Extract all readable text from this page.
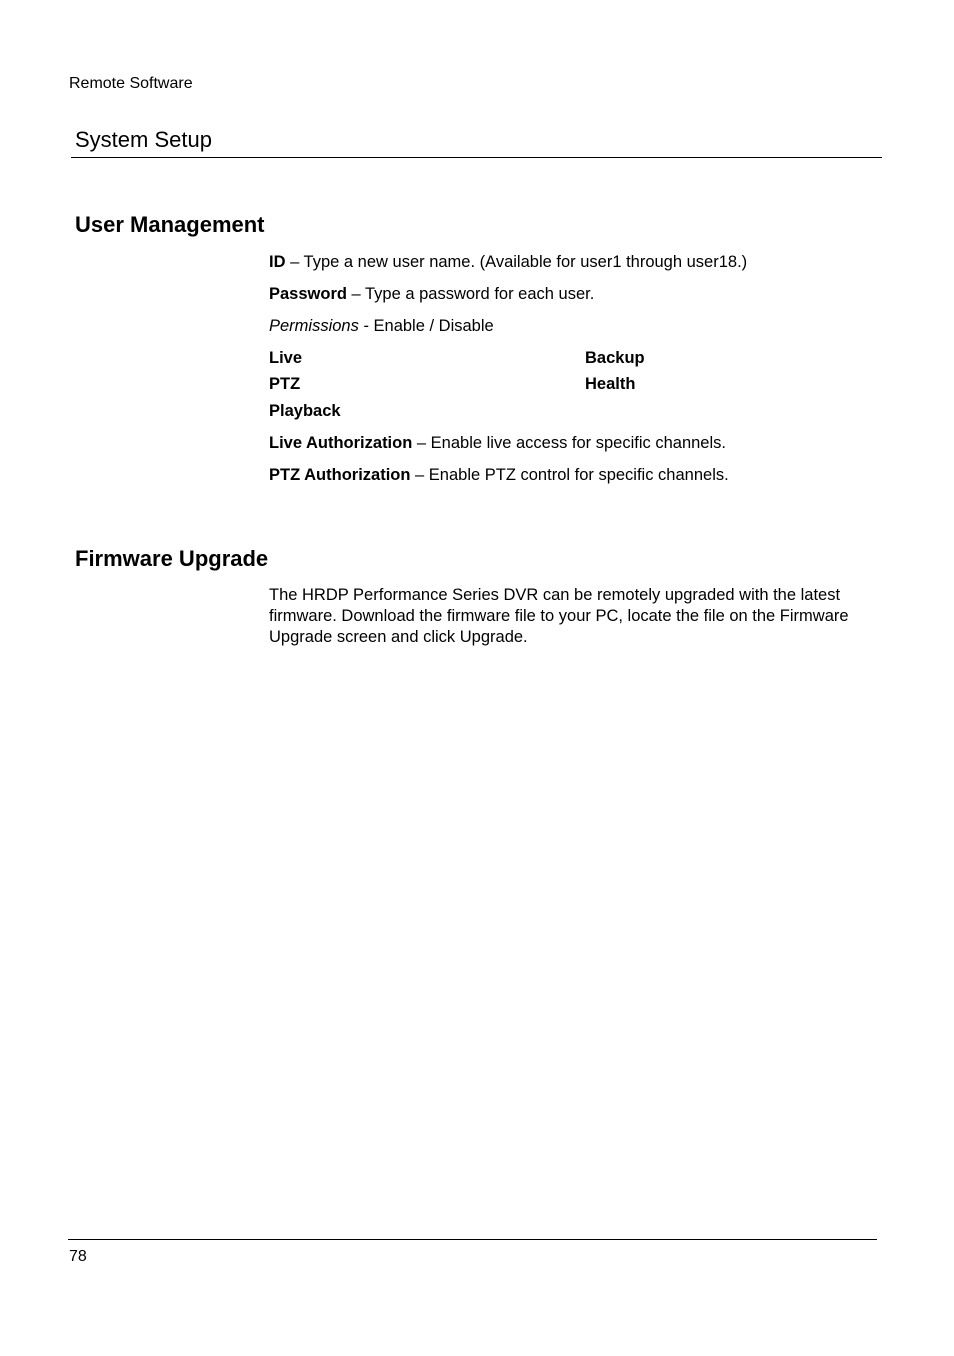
Remote Software
System Setup
User Management
ID – Type a new user name. (Available for user1 through user18.)
Password – Type a password for each user.
Permissions - Enable / Disable
Live	Backup
PTZ	Health
Playback
Live Authorization – Enable live access for specific channels.
PTZ Authorization – Enable PTZ control for specific channels.
Firmware Upgrade
The HRDP Performance Series DVR can be remotely upgraded with the latest firmware. Download the firmware file to your PC, locate the file on the Firmware Upgrade screen and click Upgrade.
78
